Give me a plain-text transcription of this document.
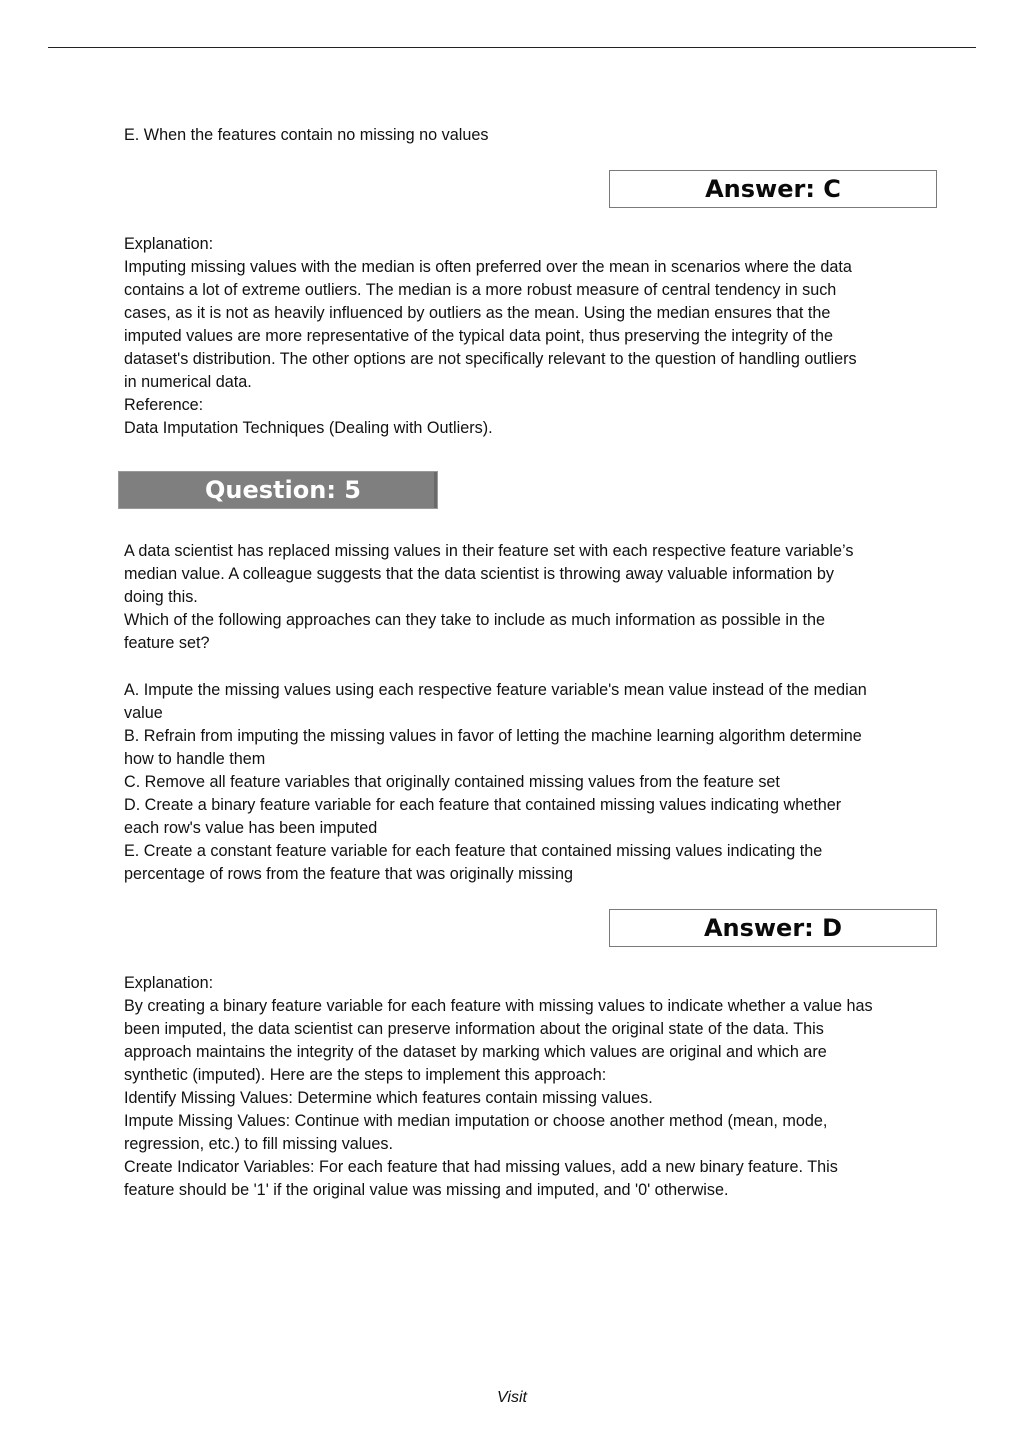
E. When the features contain no missing no values

Answer: C
Explanation:
Imputing missing values with the median is often preferred over the mean in scenarios where the data
contains a lot of extreme outliers. The median is a more robust measure of central tendency in such
cases, as it is not as heavily influenced by outliers as the mean. Using the median ensures that the
imputed values are more representative of the typical data point, thus preserving the integrity of the
dataset's distribution. The other options are not specifically relevant to the question of handling outliers
in numerical data.
Reference:
Data Imputation Techniques (Dealing with Outliers).
Question: 5
A data scientist has replaced missing values in their feature set with each respective feature variable’s
median value. A colleague suggests that the data scientist is throwing away valuable information by
doing this.
Which of the following approaches can they take to include as much information as possible in the
feature set?
A. Impute the missing values using each respective feature variable's mean value instead of the median
value
B. Refrain from imputing the missing values in favor of letting the machine learning algorithm determine
how to handle them
C. Remove all feature variables that originally contained missing values from the feature set
D. Create a binary feature variable for each feature that contained missing values indicating whether
each row's value has been imputed
E. Create a constant feature variable for each feature that contained missing values indicating the
percentage of rows from the feature that was originally missing
Answer: D
Explanation:
By creating a binary feature variable for each feature with missing values to indicate whether a value has
been imputed, the data scientist can preserve information about the original state of the data. This
approach maintains the integrity of the dataset by marking which values are original and which are
synthetic (imputed). Here are the steps to implement this approach:
Identify Missing Values: Determine which features contain missing values.
Impute Missing Values: Continue with median imputation or choose another method (mean, mode,
regression, etc.) to fill missing values.
Create Indicator Variables: For each feature that had missing values, add a new binary feature. This
feature should be '1' if the original value was missing and imputed, and '0' otherwise.
Visit
